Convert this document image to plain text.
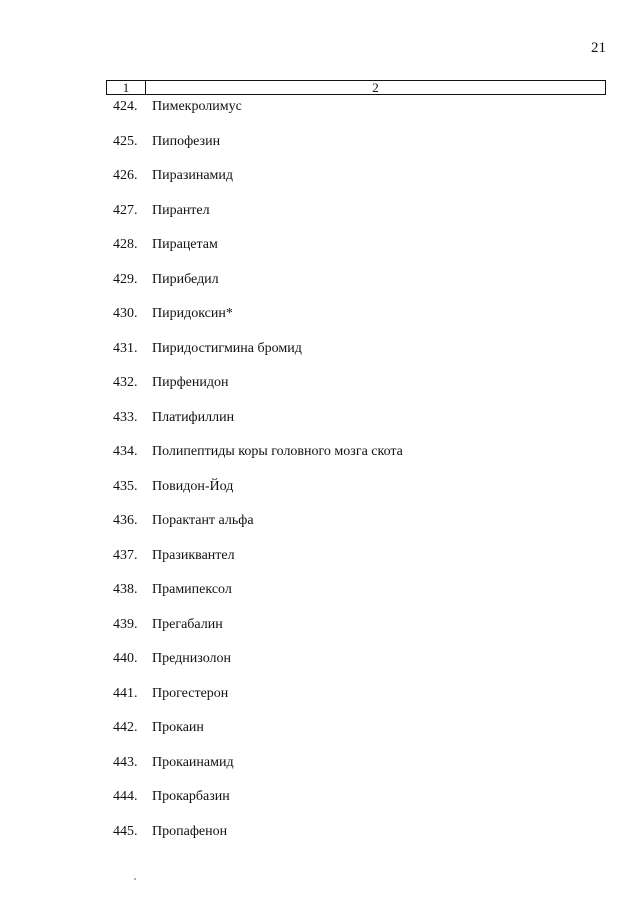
21
1	2
424.	Пимекролимус
425.	Пипофезин
426.	Пиразинамид
427.	Пирантел
428.	Пирацетам
429.	Пирибедил
430.	Пиридоксин*
431.	Пиридостигмина бромид
432.	Пирфенидон
433.	Платифиллин
434.	Полипептиды коры головного мозга скота
435.	Повидон-Йод
436.	Порактант альфа
437.	Празиквантел
438.	Прамипексол
439.	Прегабалин
440.	Преднизолон
441.	Прогестерон
442.	Прокаин
443.	Прокаинамид
444.	Прокарбазин
445.	Пропафенон
